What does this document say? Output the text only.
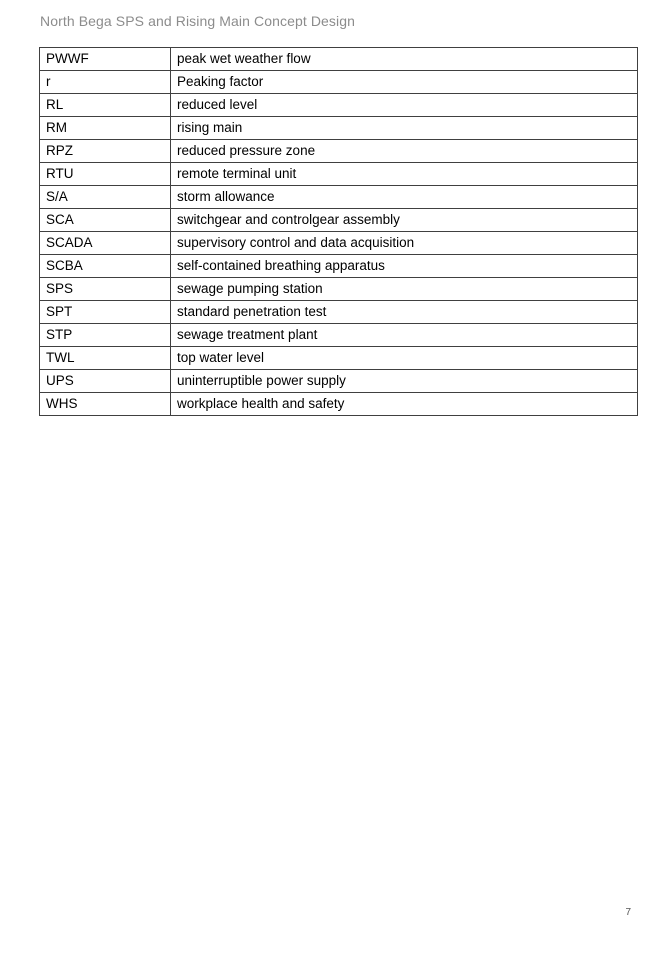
North Bega SPS and Rising Main Concept Design
PWWF	peak wet weather flow
r	Peaking factor
RL	reduced level
RM	rising main
RPZ	reduced pressure zone
RTU	remote terminal unit
S/A	storm allowance
SCA	switchgear and controlgear assembly
SCADA	supervisory control and data acquisition
SCBA	self-contained breathing apparatus
SPS	sewage pumping station
SPT	standard penetration test
STP	sewage treatment plant
TWL	top water level
UPS	uninterruptible power supply
WHS	workplace health and safety
7
